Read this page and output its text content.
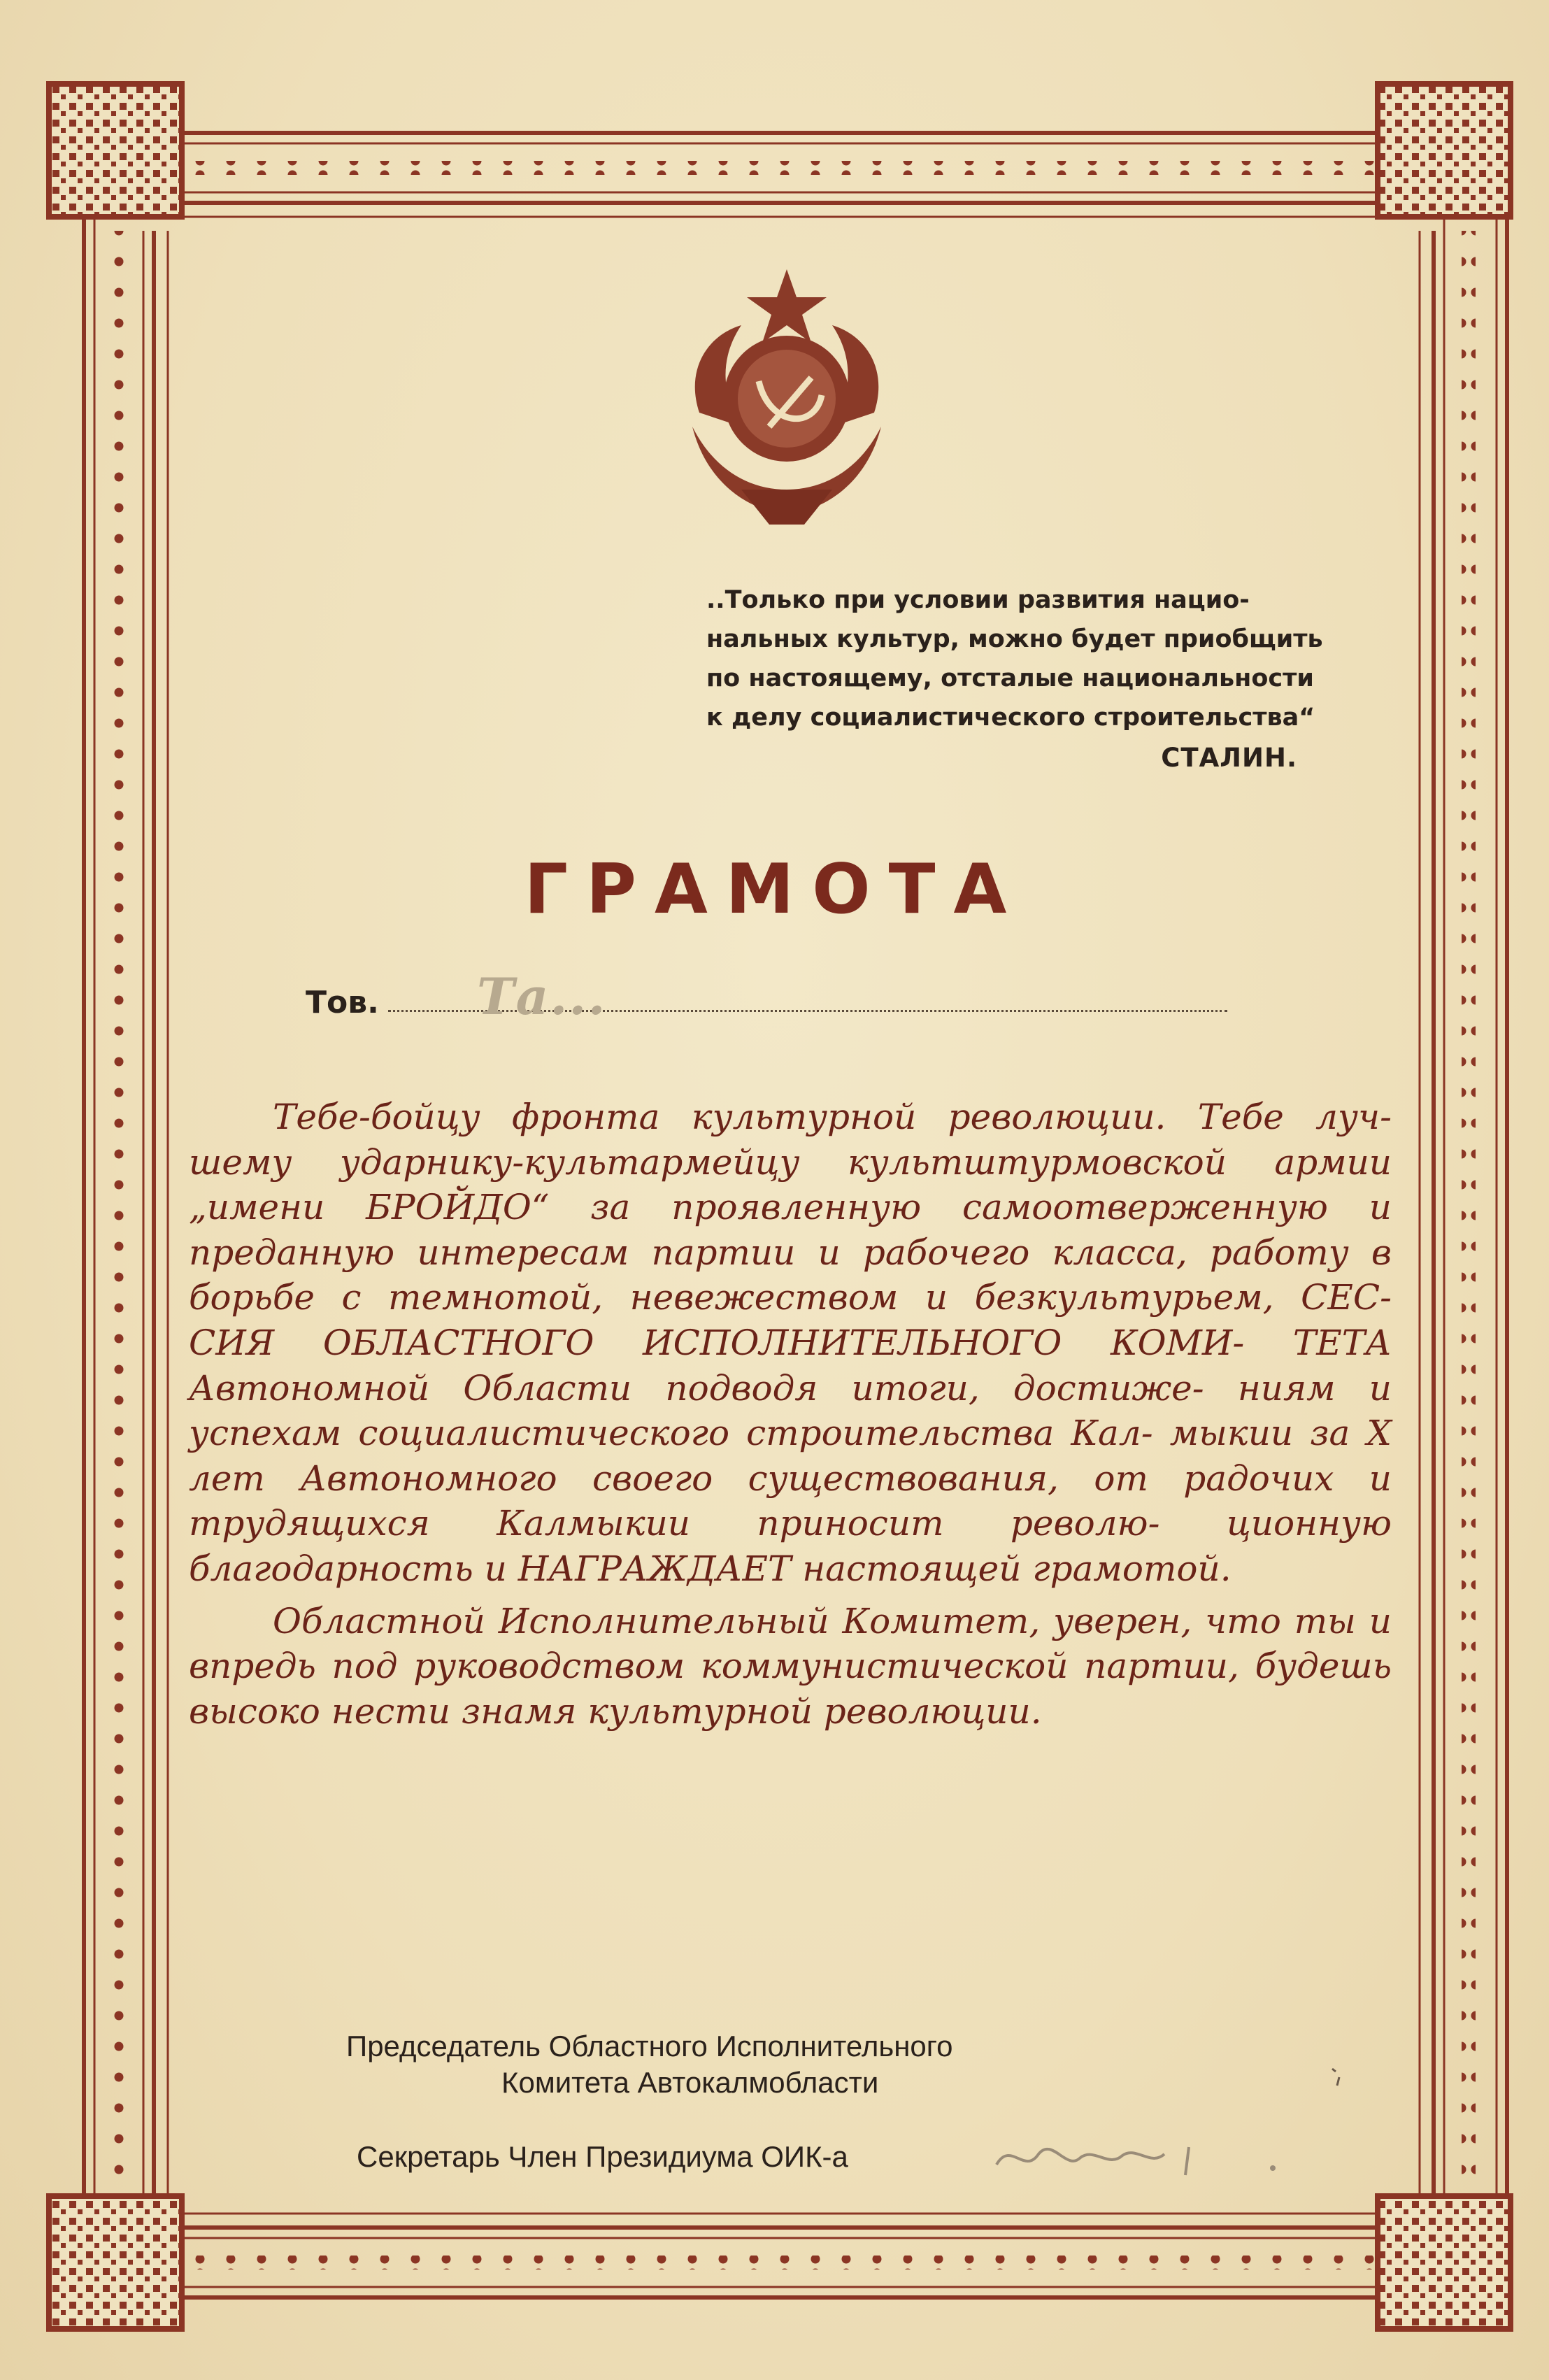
..Только при условии развития нацио-
нальных культур, можно будет приобщить
по настоящему, отсталые национальности
к делу социалистического строительства“
СТАЛИН.
ГРАМОТА
Тов. Та...

Тебе-бойцу фронта культурной революции. Тебе луч- шему ударнику-культармейцу культштурмовской армии „имени БРОЙДО“ за проявленную самоотверженную и преданную интересам партии и рабочего класса, работу в борьбе с темнотой, невежеством и безкультурьем, СЕС- СИЯ ОБЛАСТНОГО ИСПОЛНИТЕЛЬНОГО КОМИ- ТЕТА Автономной Области подводя итоги, достиже- ниям и успехам социалистического строительства Кал- мыкии за X лет Автономного своего существования, от радочих и трудящихся Калмыкии приносит револю- ционную благодарность и НАГРАЖДАЕТ настоящей грамотой.

Областной Исполнительный Комитет, уверен, что ты и впредь под руководством коммунистической партии, будешь высоко нести знамя культурной революции.

Председатель Областного Исполнительного
Комитета Автокалмобласти
Секретарь Член Президиума ОИК-а
